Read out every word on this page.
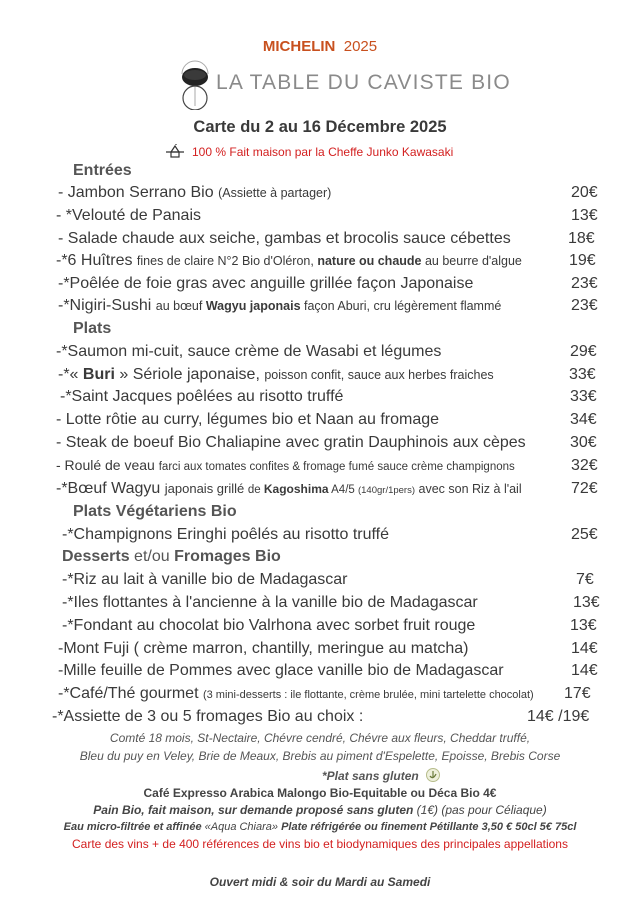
MICHELIN 2025
LA TABLE DU CAVISTE BIO
Carte du 2 au 16 Décembre 2025
100 % Fait maison par la Cheffe Junko Kawasaki
Entrées
- Jambon Serrano Bio (Assiette à partager)	20€
- *Velouté de Panais	13€
- Salade chaude aux seiche, gambas et brocolis sauce cébettes	18€
-*6 Huîtres fines de claire N°2 Bio d'Oléron, nature ou chaude au beurre d'algue	19€
-*Poêlée de foie gras avec anguille grillée façon Japonaise	23€
-*Nigiri-Sushi au bœuf Wagyu japonais façon Aburi, cru légèrement flammé	23€
Plats
-*Saumon mi-cuit, sauce crème de Wasabi et légumes	29€
-*« Buri » Sériole japonaise, poisson confit, sauce aux herbes fraiches	33€
-*Saint Jacques poêlées au risotto truffé	33€
- Lotte rôtie au curry, légumes bio et Naan au fromage	34€
- Steak de boeuf Bio Chaliapine avec gratin Dauphinois aux cèpes	30€
- Roulé de veau farci aux tomates confites & fromage fumé sauce crème champignons	32€
-*Bœuf Wagyu japonais grillé de Kagoshima A4/5 (140gr/1pers) avec son Riz à l'ail	72€
Plats Végétariens Bio
-*Champignons Eringhi poêlés au risotto truffé	25€
Desserts et/ou Fromages Bio
-*Riz au lait à vanille bio de Madagascar	7€
-*Iles flottantes à l'ancienne à la vanille bio de Madagascar	13€
-*Fondant au chocolat bio Valrhona avec sorbet fruit rouge	13€
-Mont Fuji ( crème marron, chantilly, meringue au matcha)	14€
-Mille feuille de Pommes avec glace vanille bio de Madagascar	14€
-*Café/Thé gourmet (3 mini-desserts : ile flottante, crème brulée, mini tartelette chocolat) 17€
-*Assiette de 3 ou 5 fromages Bio au choix :	14€ /19€
Comté 18 mois, St-Nectaire, Chévre cendré, Chévre aux fleurs, Cheddar truffé,
Bleu du puy en Veley, Brie de Meaux, Brebis au piment d'Espelette, Epoisse, Brebis Corse
*Plat sans gluten
Café Expresso Arabica Malongo Bio-Equitable ou Déca Bio 4€
Pain Bio, fait maison, sur demande proposé sans gluten (1€) (pas pour Céliaque)
Eau micro-filtrée et affinée «Aqua Chiara» Plate réfrigérée ou finement Pétillante 3,50 € 50cl 5€ 75cl
Carte des vins + de 400 références de vins bio et biodynamiques des principales appellations
Ouvert midi & soir du Mardi au Samedi
